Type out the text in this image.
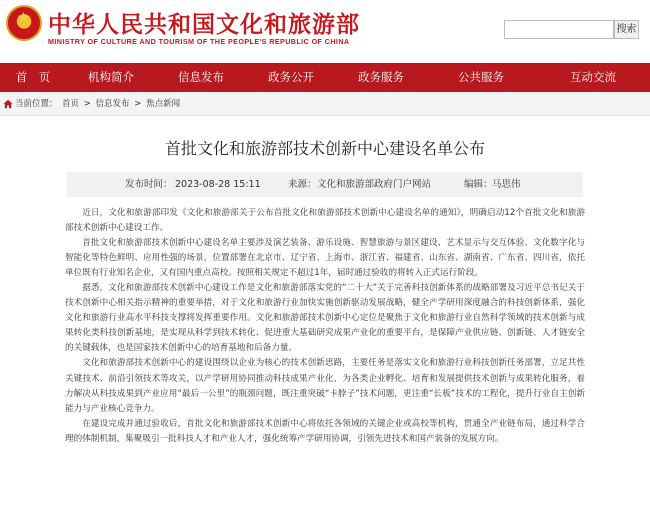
★
中华人民共和国文化和旅游部
MINISTRY OF CULTURE AND TOURISM OF THE PEOPLE'S REPUBLIC OF CHINA
搜索
首　页	机构简介	信息发布	政务公开	政务服务	公共服务	互动交流
当前位置： 首页 > 信息发布 > 焦点新闻
首批文化和旅游部技术创新中心建设名单公布
发布时间： 2023-08-28 15:11	来源： 文化和旅游部政府门户网站	编辑： 马思伟

近日，文化和旅游部印发《文化和旅游部关于公布首批文化和旅游部技术创新中心建设名单的通知》，明确启动12个首批文化和旅游部技术创新中心建设工作。

首批文化和旅游部技术创新中心建设名单主要涉及演艺装备、游乐设施、智慧旅游与景区建设、艺术显示与交互体验、文化数字化与智能化等特色鲜明、应用性强的场景，位置部署在北京市、辽宁省、上海市、浙江省、福建省、山东省、湖南省、广东省、四川省，依托单位既有行业知名企业，又有国内重点高校。按照相关规定不超过1年，届时通过验收的将转入正式运行阶段。

据悉，文化和旅游部技术创新中心建设工作是文化和旅游部落实党的“二十大”关于完善科技创新体系的战略部署及习近平总书记关于技术创新中心相关指示精神的重要举措，对于文化和旅游行业加快实施创新驱动发展战略，健全产学研用深度融合的科技创新体系，强化文化和旅游行业高水平科技支撑将发挥重要作用。文化和旅游部技术创新中心定位是聚焦于文化和旅游行业自然科学领域的技术创新与成果转化类科技创新基地，是实现从科学到技术转化、促进重大基础研究成果产业化的重要平台，是保障产业供应链、创新链、人才链安全的关键载体，也是国家技术创新中心的培育基地和后备力量。

文化和旅游部技术创新中心的建设围绕以企业为核心的技术创新思路，主要任务是落实文化和旅游行业科技创新任务部署，立足共性关键技术、前沿引领技术等攻关，以产学研用协同推动科技成果产业化，为各类企业孵化、培育和发展提供技术创新与成果转化服务，着力解决从科技成果到产业应用“最后一公里”的瓶颈问题，既注重突破“卡脖子”技术问题，更注重“长板”技术的工程化，提升行业自主创新能力与产业核心竞争力。

在建设完成并通过验收后，首批文化和旅游部技术创新中心将依托各领域的关键企业或高校等机构，贯通全产业链布局，通过科学合理的体制机制，集聚吸引一批科技人才和产业人才，强化统筹产学研用协调，引领先进技术和国产装备的发展方向。
